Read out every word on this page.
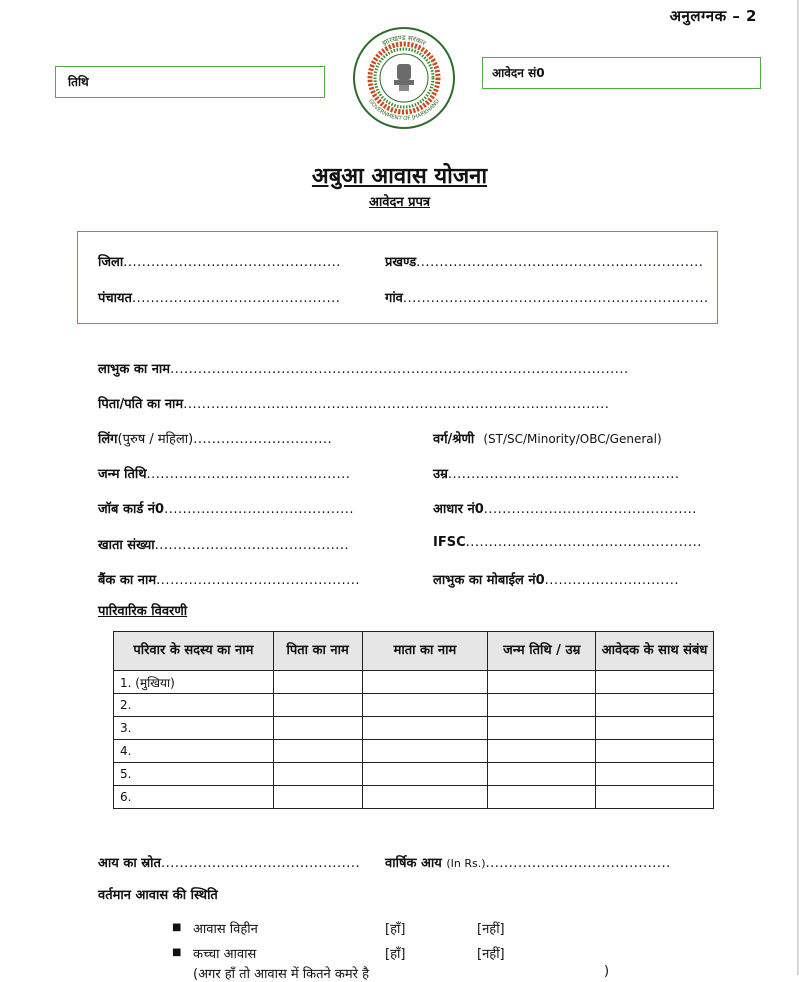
अनुलग्नक – 2
तिथि
आवेदन सं0
झारखण्ड सरकार
GOVERNMENT OF JHARKHAND
अबुआ आवास योजना
आवेदन प्रपत्र
जिला...............................................	प्रखण्ड..............................................................
पंचायत.............................................	गांव..................................................................
लाभुक का नाम...................................................................................................
पिता/पति का नाम............................................................................................
लिंग(पुरुष / महिला)..............................	वर्ग/श्रेणी (ST/SC/Minority/OBC/General)
जन्म तिथि............................................	उम्र..................................................
जॉब कार्ड नं0.........................................	आधार नं0..............................................
खाता संख्या..........................................	IFSC...................................................
बैंक का नाम............................................	लाभुक का मोबाईल नं0.............................
पारिवारिक विवरणी
परिवार के सदस्य का नाम	पिता का नाम	माता का नाम	जन्म तिथि / उम्र	आवेदक के साथ संबंध
1. (मुखिया)				
2.				
3.				
4.				
5.				
6.				
आय का स्रोत........................................... वार्षिक आय (In Rs.)........................................
वर्तमान आवास की स्थिति
■ आवास विहीन	[हाँ]	[नहीं]
■ कच्चा आवास	[हाँ]	[नहीं]
(अगर हाँ तो आवास में कितने कमरे है	)
